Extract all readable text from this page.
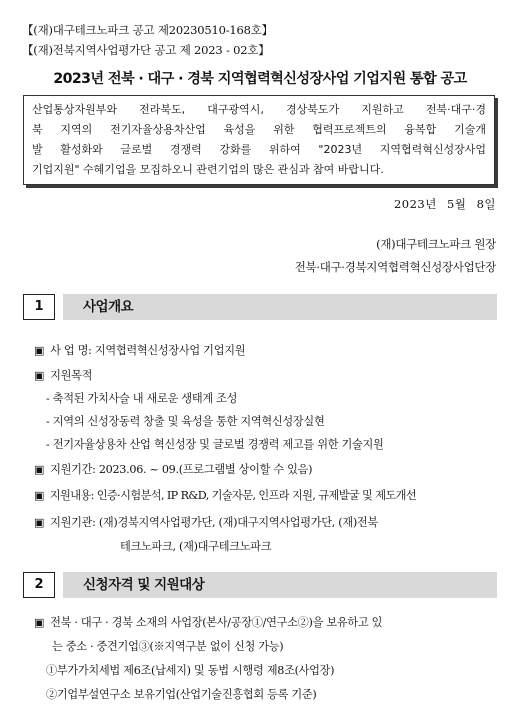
【(재)대구테크노파크 공고 제20230510-168호】
【(재)전북지역사업평가단 공고 제 2023 - 02호】
2023년 전북 · 대구 · 경북 지역협력혁신성장사업 기업지원 통합 공고
산업통상자원부와 전라북도, 대구광역시, 경상북도가 지원하고 전북·대구·경
북 지역의 전기자율상용차산업 육성을 위한 협력프로젝트의 융복합 기술개
발 활성화와 글로벌 경쟁력 강화를 위하여 "2023년 지역협력혁신성장사업
기업지원" 수혜기업을 모집하오니 관련기업의 많은 관심과 참여 바랍니다.
2023년 5월 8일
(재)대구테크노파크 원장
전북·대구·경북지역협력혁신성장사업단장
1	사업개요
▣ 사 업 명: 지역협력혁신성장사업 기업지원
▣ 지원목적
- 축적된 가치사슬 내 새로운 생태계 조성
- 지역의 신성장동력 창출 및 육성을 통한 지역혁신성장실현
- 전기자율상용차 산업 혁신성장 및 글로벌 경쟁력 제고를 위한 기술지원
▣ 지원기간: 2023.06. ~ 09.(프로그램별 상이할 수 있음)
▣ 지원내용: 인증·시험분석, IP R&D, 기술자문, 인프라 지원, 규제발굴 및 제도개선
▣ 지원기관: (재)경북지역사업평가단, (재)대구지역사업평가단, (재)전북
테크노파크, (재)대구테크노파크
2	신청자격 및 지원대상
▣ 전북 · 대구 · 경북 소재의 사업장(본사/공장①/연구소②)을 보유하고 있
는 중소 · 중견기업③(※지역구분 없이 신청 가능)
①부가가치세법 제6조(납세지) 및 동법 시행령 제8조(사업장)
②기업부설연구소 보유기업(산업기술진흥협회 등록 기준)
